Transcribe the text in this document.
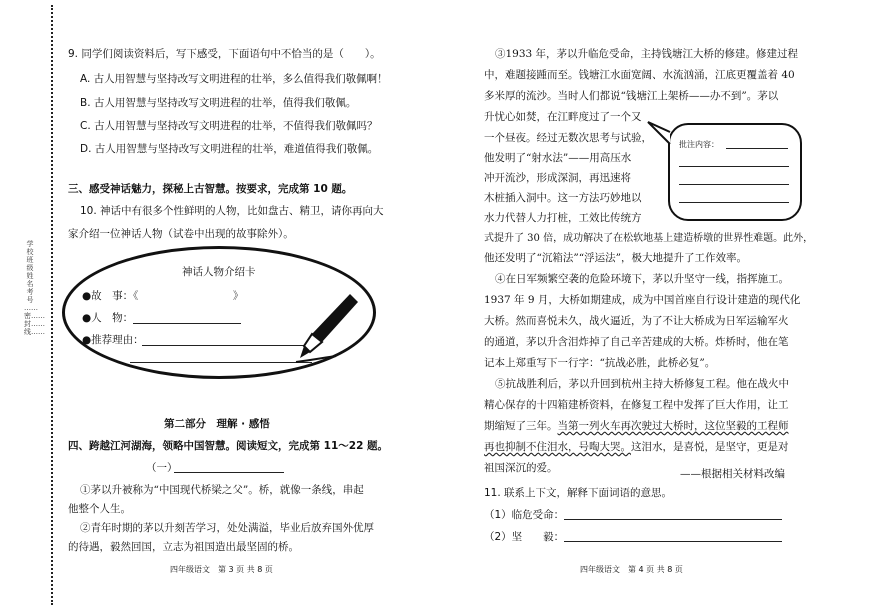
学校 班级 姓名 考号 ……密……封……线……
9. 同学们阅读资料后，写下感受，下面语句中不恰当的是（　　）。
A. 古人用智慧与坚持改写文明进程的壮举，多么值得我们敬佩啊！
B. 古人用智慧与坚持改写文明进程的壮举，值得我们敬佩。
C. 古人用智慧与坚持改写文明进程的壮举，不值得我们敬佩吗？
D. 古人用智慧与坚持改写文明进程的壮举，难道值得我们敬佩。
三、感受神话魅力，探秘上古智慧。按要求，完成第 10 题。
10. 神话中有很多个性鲜明的人物，比如盘古、精卫，请你再向大
家介绍一位神话人物（试卷中出现的故事除外）。
神话人物介绍卡
●故　事：《　　　　　　　　　》
●人　物：
●推荐理由：
第二部分　理解 · 感悟
四、跨越江河湖海，领略中国智慧。阅读短文，完成第 11～22 题。
（一）
①茅以升被称为“中国现代桥梁之父”。桥，就像一条线，串起
他整个人生。
②青年时期的茅以升刻苦学习，处处满溢，毕业后放弃国外优厚
的待遇，毅然回国，立志为祖国造出最坚固的桥。
四年级语文　第 3 页 共 8 页
③1933 年，茅以升临危受命，主持钱塘江大桥的修建。修建过程
中，难题接踵而至。钱塘江水面宽阔、水流汹涌，江底更覆盖着 40
多米厚的流沙。当时人们都说“钱塘江上架桥——办不到”。茅以
升忧心如焚，在江畔度过了一个又
一个昼夜。经过无数次思考与试验，
他发明了“射水法”——用高压水
冲开流沙，形成深洞，再迅速将
木桩插入洞中。这一方法巧妙地以
水力代替人力打桩，工效比传统方
式提升了 30 倍，成功解决了在松软地基上建造桥墩的世界性难题。此外，
他还发明了“沉箱法”“浮运法”，极大地提升了工作效率。
批注内容：
④在日军频繁空袭的危险环境下，茅以升坚守一线，指挥施工。
1937 年 9 月，大桥如期建成，成为中国首座自行设计建造的现代化
大桥。然而喜悦未久，战火逼近，为了不让大桥成为日军运输军火
的通道，茅以升含泪炸掉了自己辛苦建成的大桥。炸桥时，他在笔
记本上郑重写下一行字：“抗战必胜，此桥必复”。
⑤抗战胜利后，茅以升回到杭州主持大桥修复工程。他在战火中
精心保存的十四箱建桥资料，在修复工程中发挥了巨大作用，让工
期缩短了三年。当第一列火车再次驶过大桥时，这位坚毅的工程师
再也抑制不住泪水，号啕大哭。这泪水，是喜悦，是坚守，更是对
祖国深沉的爱。	——根据相关材料改编
11. 联系上下文，解释下面词语的意思。
（1）临危受命：
（2）坚　　毅：
四年级语文　第 4 页 共 8 页
